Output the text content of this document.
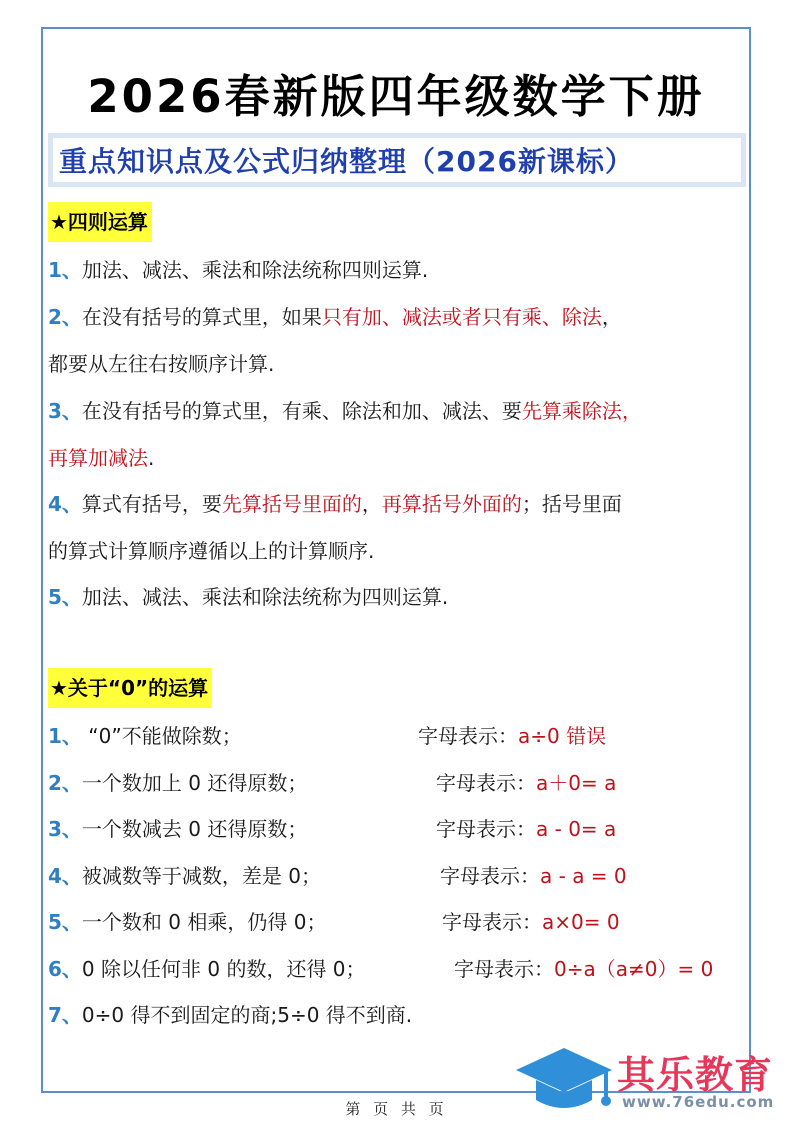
2026春新版四年级数学下册
重点知识点及公式归纳整理（2026新课标）
★四则运算
1、加法、减法、乘法和除法统称四则运算.
2、在没有括号的算式里，如果只有加、减法或者只有乘、除法，
都要从左往右按顺序计算.
3、在没有括号的算式里，有乘、除法和加、减法、要先算乘除法，
再算加减法.
4、算式有括号，要先算括号里面的，再算括号外面的；括号里面
的算式计算顺序遵循以上的计算顺序.
5、加法、减法、乘法和除法统称为四则运算.
★关于“0”的运算
1、 “0”不能做除数；	字母表示：a÷0 错误
2、一个数加上 0 还得原数；	字母表示：a＋0= a
3、一个数减去 0 还得原数；	字母表示：a - 0= a
4、被减数等于减数，差是 0；	字母表示：a - a = 0
5、一个数和 0 相乘，仍得 0；	字母表示：a×0= 0
6、0 除以任何非 0 的数，还得 0；	字母表示：0÷a（a≠0）= 0
7、0÷0 得不到固定的商;5÷0 得不到商.
其乐教育
www.76edu.com
第 页 共 页
